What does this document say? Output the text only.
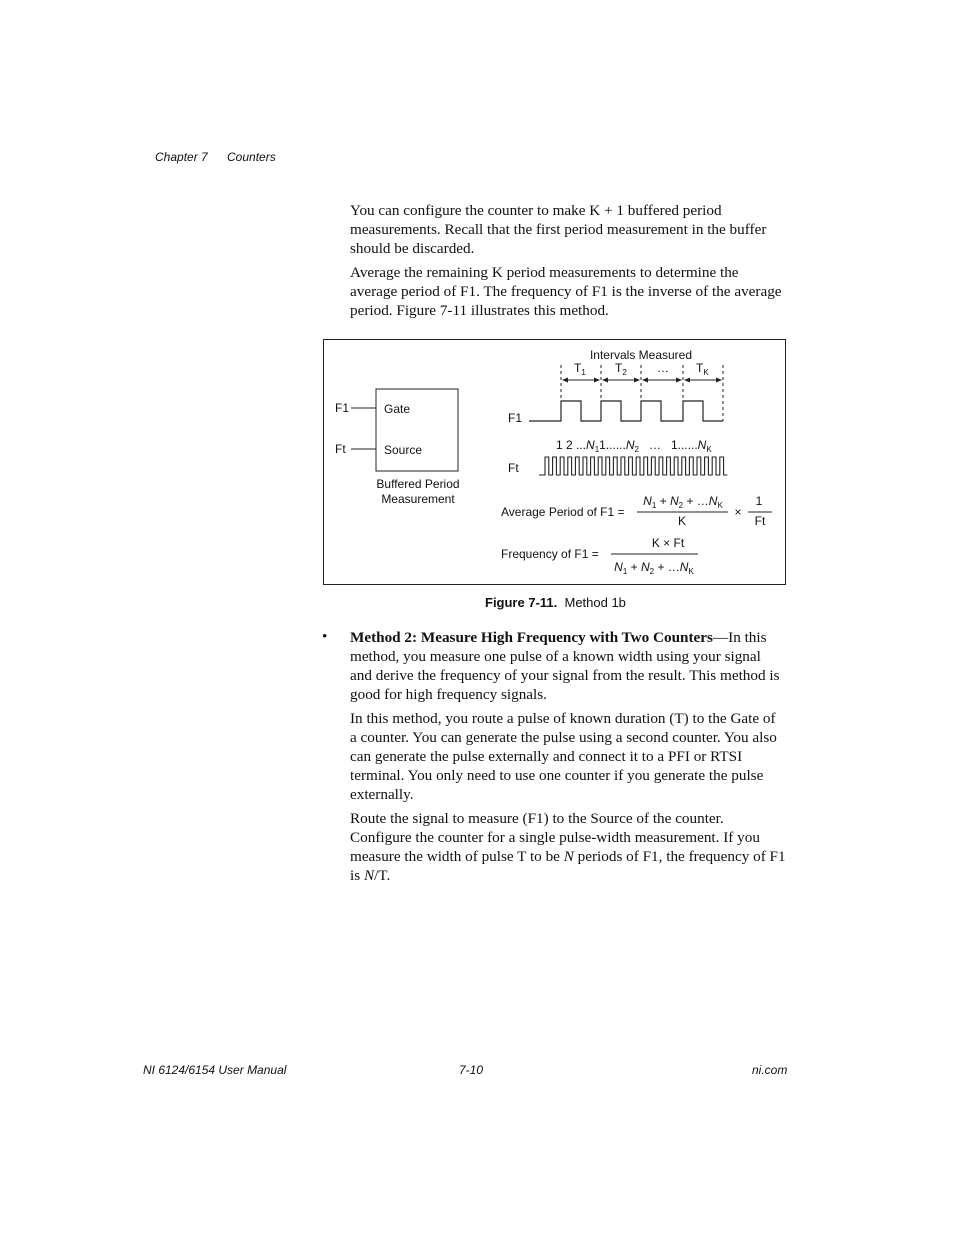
Chapter 7 Counters

You can configure the counter to make K + 1 buffered period measurements. Recall that the first period measurement in the buffer should be discarded.

Average the remaining K period measurements to determine the average period of F1. The frequency of F1 is the inverse of the average period. Figure 7-11 illustrates this method.

F1
Ft
Gate
Source
Buffered Period
Measurement
Intervals Measured
$T_1$ $T_2$	… $T_K$
F1
1 2 $...N_11......N_2$ … $1......N_K$
Ft
Average Period of F1 =
$N_1 + N_2$ + $\dots N_K$
K
×
1
Ft
Frequency of F1 =
K × Ft
$N_1 + N_2$ + $\dots N_K$
Figure 7-11. Method 1b
• Method 2: Measure High Frequency with Two Counters—In this method, you measure one pulse of a known width using your signal and derive the frequency of your signal from the result. This method is good for high frequency signals.

In this method, you route a pulse of known duration (T) to the Gate of a counter. You can generate the pulse using a second counter. You also can generate the pulse externally and connect it to a PFI or RTSI terminal. You only need to use one counter if you generate the pulse externally.

Route the signal to measure (F1) to the Source of the counter. Configure the counter for a single pulse-width measurement. If you measure the width of pulse T to be N periods of F1, the frequency of F1 is N/T.

NI 6124/6154 User Manual	7-10	ni.com
